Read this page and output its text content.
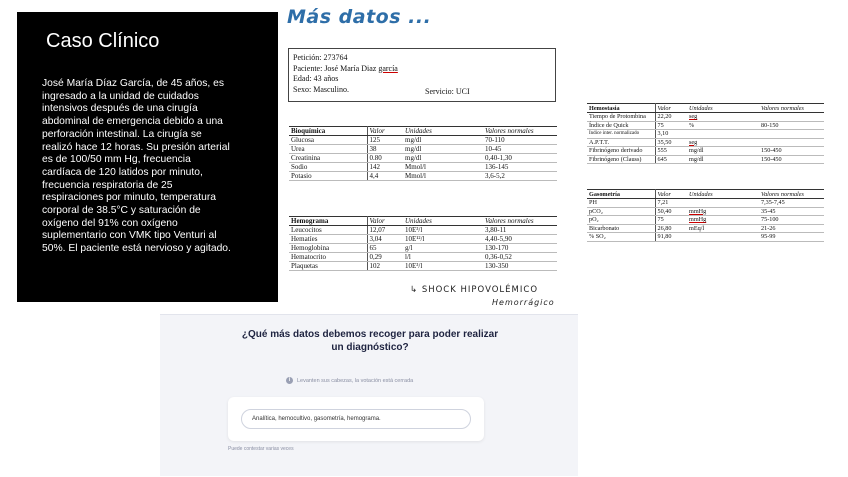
Caso Clínico
José María Díaz García, de 45 años, es
ingresado a la unidad de cuidados
intensivos después de una cirugía
abdominal de emergencia debido a una
perforación intestinal. La cirugía se
realizó hace 12 horas. Su presión arterial
es de 100/50 mm Hg, frecuencia
cardíaca de 120 latidos por minuto,
frecuencia respiratoria de 25
respiraciones por minuto, temperatura
corporal de 38.5°C y saturación de
oxígeno del 91% con oxígeno
suplementario con VMK tipo Venturi al
50%. El paciente está nervioso y agitado.
Más datos ...
Petición: 273764
Paciente: José María Diaz garcía
Edad: 43 años
Sexo: Masculino.	Servicio: UCI
Bioquímica	Valor	Unidades	Valores normales
Glucosa	125	mg/dl	70-110
Urea	38	mg/dl	10-45
Creatinina	0.80	mg/dl	0,40-1,30
Sodio	142	Mmol/l	136-145
Potasio	4,4	Mmol/l	3,6-5,2
Hemograma	Valor	Unidades	Valores normales
Leucocitos	12,07	10E³/l	3,80-11
Hematíes	3,04	10E¹²/l	4,40-5,90
Hemoglobina	65	g/l	130-170
Hematocrito	0,29	l/l	0,36-0,52
Plaquetas	102	10E³/l	130-350
Hemostasia	Valor	Unidades	Valores normales
Tiempo de Protombina	22,20	seg	
Índice de Quick	75	%	80-150
Indice inter. normalizado	3,10		
A.P.T.T.	35,50	seg	
Fibrinógeno derivado	555	mg/dl	150-450
Fibrinógeno (Clauss)	645	mg/dl	150-450
Gasometría	Valor	Unidades	Valores normales
PH	7,21		7,35-7,45
pCO₂	50,40	mmHg	35-45
pO₂	75	mmHg	75-100
Bicarbonato	26,80	mEq/l	21-26
% SO₂	91,80		95-99
↳ SHOCK HIPOVOLÉMICO
Hemorrágico
¿Qué más datos debemos recoger para poder realizar
un diagnóstico?
i	Levanten sus cabezas, la votación está cerrada
Analítica, hemocultivo, gasometría, hemograma.
Puede contestar varias veces
